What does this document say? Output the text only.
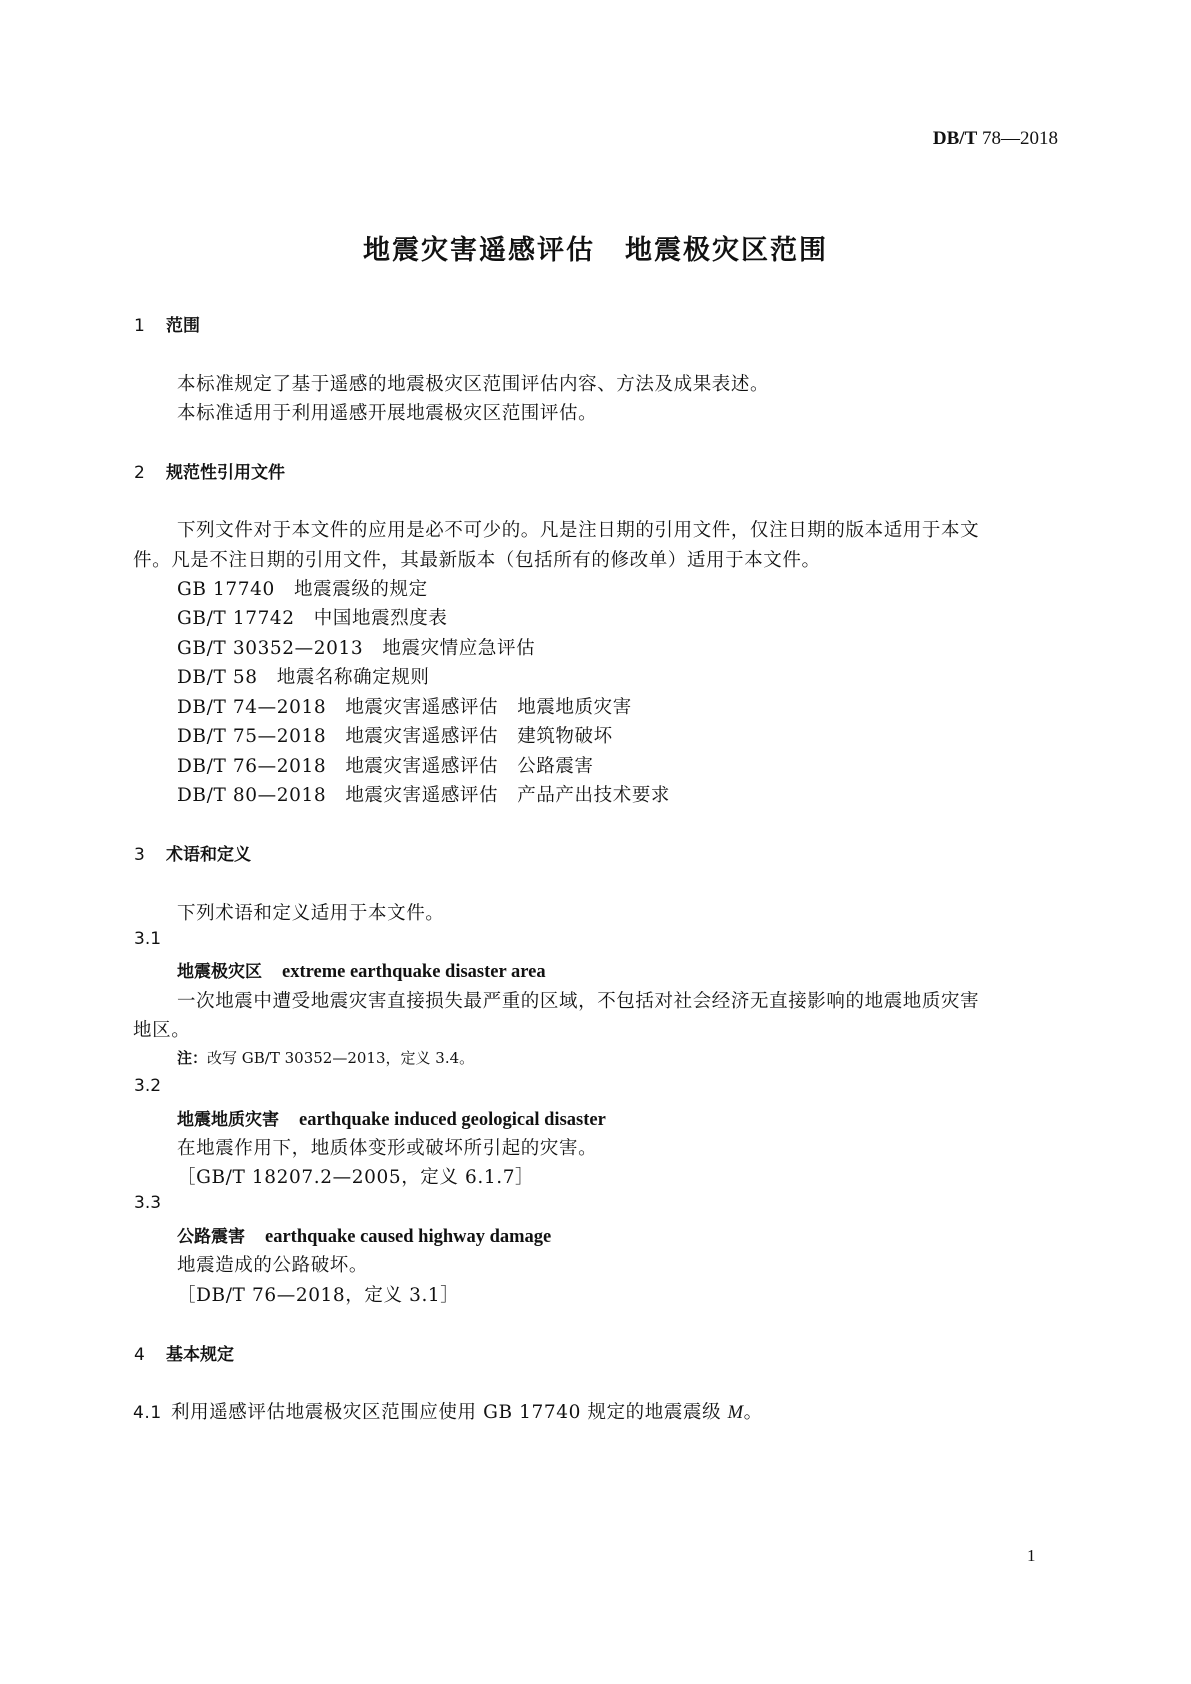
DB/T 78—2018
地震灾害遥感评估 地震极灾区范围
1 范围
本标准规定了基于遥感的地震极灾区范围评估内容、方法及成果表述。
本标准适用于利用遥感开展地震极灾区范围评估。
2 规范性引用文件
下列文件对于本文件的应用是必不可少的。凡是注日期的引用文件，仅注日期的版本适用于本文
件。凡是不注日期的引用文件，其最新版本（包括所有的修改单）适用于本文件。
GB 17740　 地震震级的规定
GB/T 17742　 中国地震烈度表
GB/T 30352—2013　 地震灾情应急评估
DB/T 58　 地震名称确定规则
DB/T 74—2018　 地震灾害遥感评估　地震地质灾害
DB/T 75—2018　 地震灾害遥感评估　建筑物破坏
DB/T 76—2018　 地震灾害遥感评估　公路震害
DB/T 80—2018　 地震灾害遥感评估　产品产出技术要求
3 术语和定义
下列术语和定义适用于本文件。
3.1
地震极灾区 extreme earthquake disaster area
一次地震中遭受地震灾害直接损失最严重的区域，不包括对社会经济无直接影响的地震地质灾害
地区。
注：改写 GB/T 30352—2013，定义 3.4。
3.2
地震地质灾害 earthquake induced geological disaster
在地震作用下，地质体变形或破坏所引起的灾害。
［GB/T 18207.2—2005，定义 6.1.7］
3.3
公路震害 earthquake caused highway damage
地震造成的公路破坏。
［DB/T 76—2018，定义 3.1］
4 基本规定
4.1 利用遥感评估地震极灾区范围应使用 GB 17740 规定的地震震级 M。
1
